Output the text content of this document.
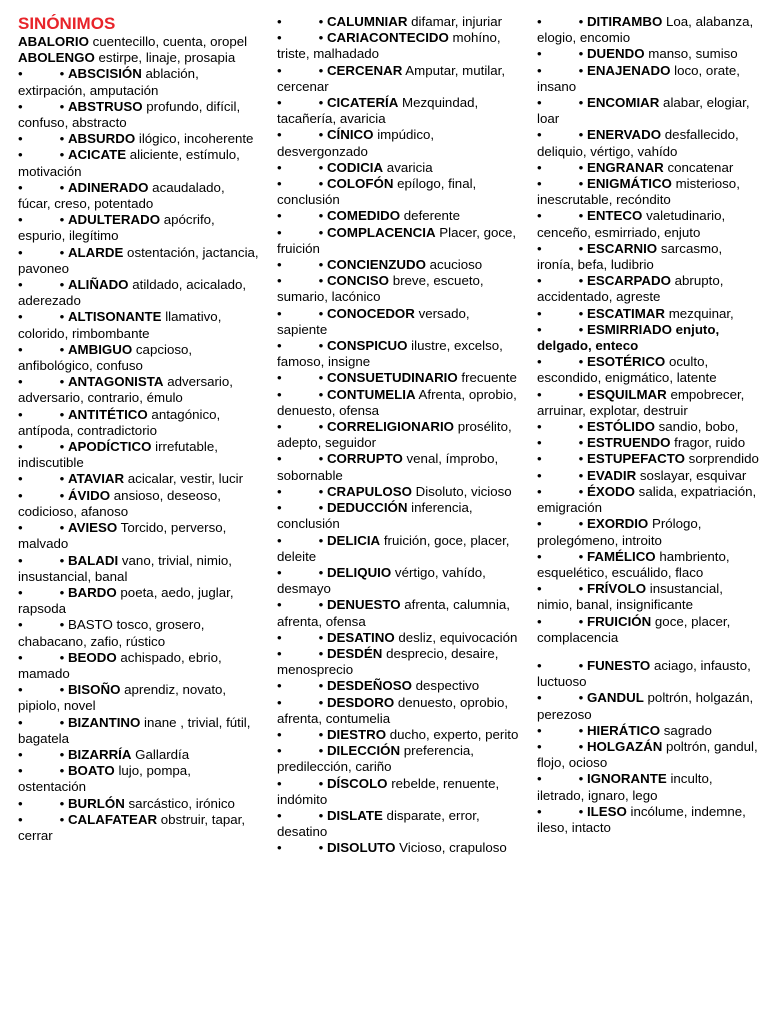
SINÓNIMOS
ABALORIO cuentecillo, cuenta, oropel
ABOLENGO estirpe, linaje, prosapia
•          • ABSCISIÓN ablación, extirpación, amputación
•          • ABSTRUSO profundo, difícil, confuso, abstracto
•          • ABSURDO ilógico, incoherente
•          • ACICATE aliciente, estímulo, motivación
•          • ADINERADO acaudalado, fúcar, creso, potentado
•          • ADULTERADO apócrifo, espurio, ilegítimo
•          • ALARDE ostentación, jactancia, pavoneo
•          • ALIÑADO atildado, acicalado, aderezado
•          • ALTISONANTE llamativo, colorido, rimbombante
•          • AMBIGUO capcioso, anfibológico, confuso
•          • ANTAGONISTA adversario, adversario, contrario, émulo
•          • ANTITÉTICO antagónico, antípoda, contradictorio
•          • APODÍCTICO irrefutable, indiscutible
•          • ATAVIAR acicalar, vestir, lucir
•          • ÁVIDO ansioso, deseoso, codicioso, afanoso
•          • AVIESO Torcido, perverso, malvado
•          • BALADI vano, trivial, nimio, insustancial, banal
•          • BARDO poeta, aedo, juglar, rapsoda
•          • BASTO tosco, grosero, chabacano, zafio, rústico
•          • BEODO achispado, ebrio, mamado
•          • BISOÑO aprendiz, novato, pipiolo, novel
•          • BIZANTINO inane , trivial, fútil, bagatela
•          • BIZARRÍA Gallardía
•          • BOATO lujo, pompa, ostentación
•          • BURLÓN sarcástico, irónico
•          • CALAFATEAR obstruir, tapar, cerrar
•          • CALUMNIAR difamar, injuriar
•          • CARIACONTECIDO mohíno, triste, malhadado
•          • CERCENAR Amputar, mutilar, cercenar
•          • CICATERÍA Mezquindad, tacañería, avaricia
•          • CÍNICO impúdico, desvergonzado
•          • CODICIA avaricia
•          • COLOFÓN epílogo, final, conclusión
•          • COMEDIDO deferente
•          • COMPLACENCIA Placer, goce, fruición
•          • CONCIENZUDO acucioso
•          • CONCISO breve, escueto, sumario, lacónico
•          • CONOCEDOR versado, sapiente
•          • CONSPICUO ilustre, excelso, famoso, insigne
•          • CONSUETUDINARIO frecuente
•          • CONTUMELIA Afrenta, oprobio, denuesto, ofensa
•          • CORRELIGIONARIO prosélito, adepto, seguidor
•          • CORRUPTO venal, ímprobo, sobornable
•          • CRAPULOSO Disoluto, vicioso
•          • DEDUCCIÓN inferencia, conclusión
•          • DELICIA fruición, goce, placer, deleite
•          • DELIQUIO vértigo, vahído, desmayo
•          • DENUESTO afrenta, calumnia, afrenta, ofensa
•          • DESATINO desliz, equivocación
•          • DESDÉN desprecio, desaire, menosprecio
•          • DESDEÑOSO despectivo
•          • DESDORO denuesto, oprobio, afrenta, contumelia
•          • DIESTRO ducho, experto, perito
•          • DILECCIÓN preferencia, predilección, cariño
•          • DÍSCOLO rebelde, renuente, indómito
•          • DISLATE disparate, error, desatino
•          • DISOLUTO Vicioso, crapuloso
•          • DITIRAMBO Loa, alabanza, elogio, encomio
•          • DUENDO manso, sumiso
•          • ENAJENADO loco, orate, insano
•          • ENCOMIAR alabar, elogiar, loar
•          • ENERVADO desfallecido, deliquio, vértigo, vahído
•          • ENGRANAR concatenar
•          • ENIGMÁTICO misterioso, inescrutable, recóndito
•          • ENTECO valetudinario, cenceño, esmirriado, enjuto
•          • ESCARNIO sarcasmo, ironía, befa, ludibrio
•          • ESCARPADO abrupto, accidentado, agreste
•          • ESCATIMAR mezquinar,
•          • ESMIRRIADO enjuto, delgado, enteco
•          • ESOTÉRICO oculto, escondido, enigmático, latente
•          • ESQUILMAR empobrecer, arruinar, explotar, destruir
•          • ESTÓLIDO sandio, bobo,
•          • ESTRUENDO fragor, ruido
•          • ESTUPEFACTO sorprendido
•          • EVADIR soslayar, esquivar
•          • ÉXODO salida, expatriación, emigración
•          • EXORDIO Prólogo, prolegómeno, introito
•          • FAMÉLICO hambriento, esquelético, escuálido, flaco
•          • FRÍVOLO insustancial, nimio, banal, insignificante
•          • FRUICIÓN goce, placer, complacencia
•          • FUNESTO aciago, infausto, luctuoso
•          • GANDUL poltrón, holgazán, perezoso
•          • HIERÁTICO sagrado
•          • HOLGAZÁN poltrón, gandul, flojo, ocioso
•          • IGNORANTE inculto, iletrado, ignaro, lego
•          • ILESO incólume, indemne, ileso, intacto
